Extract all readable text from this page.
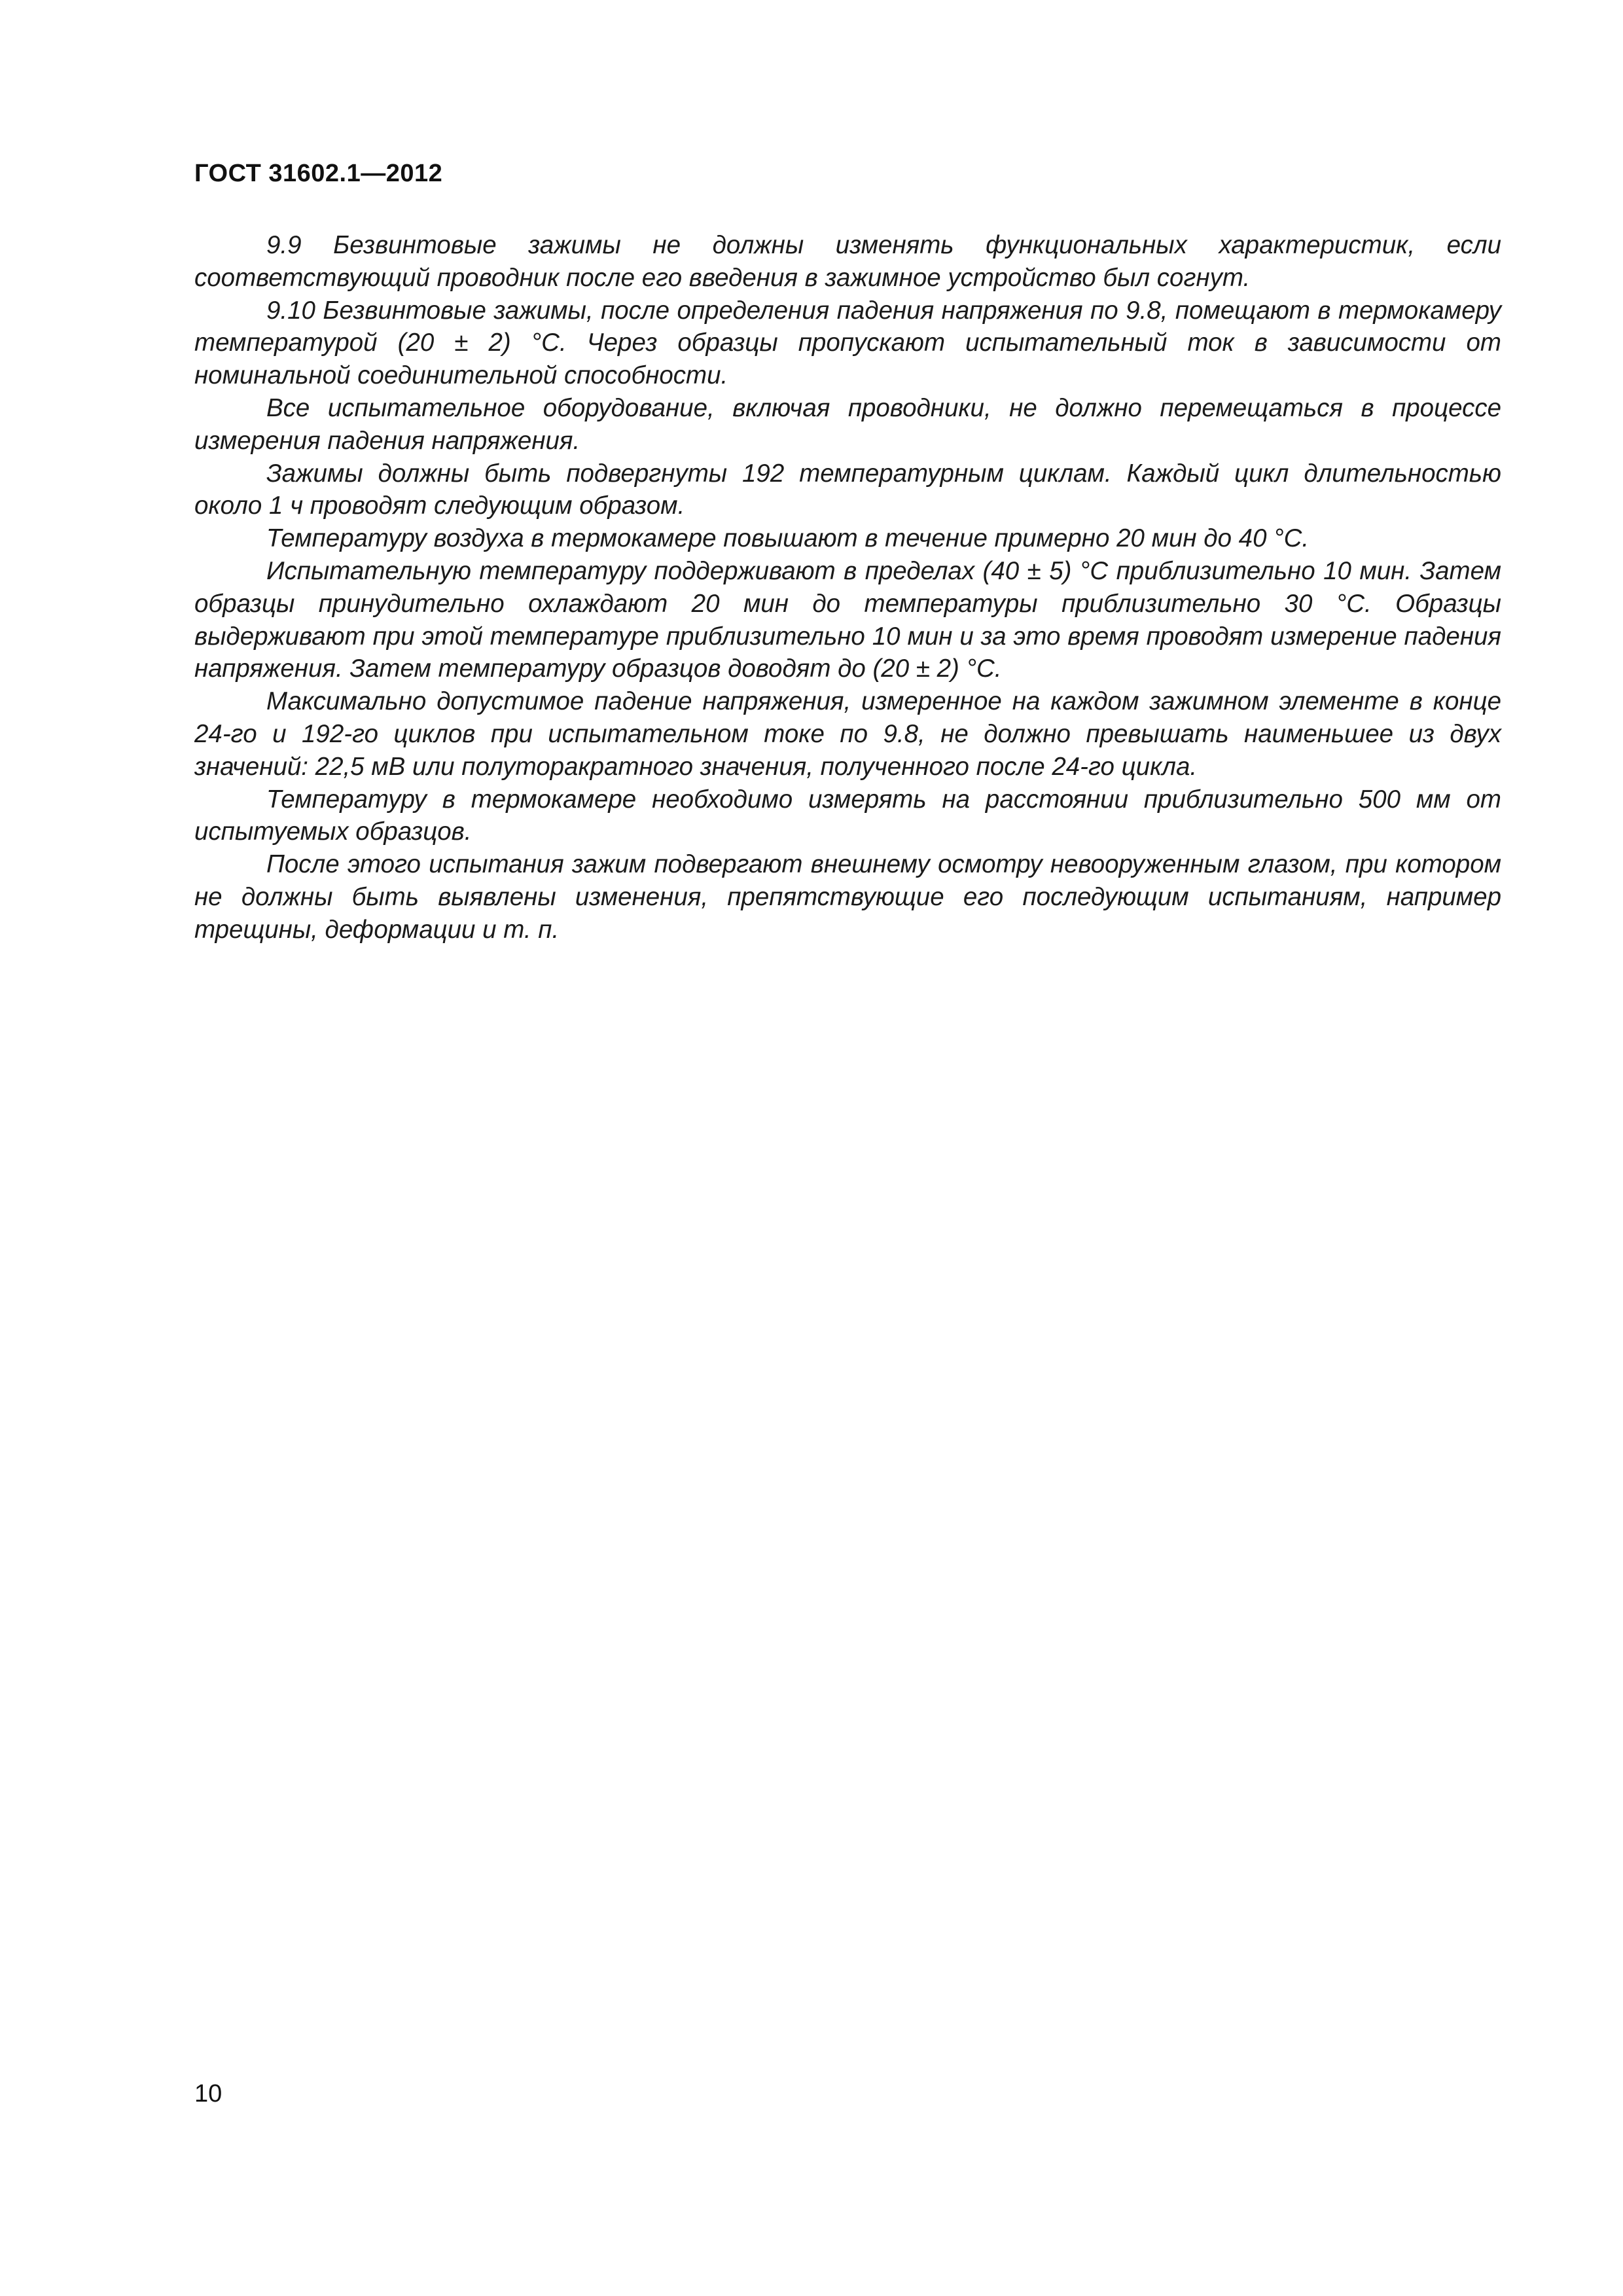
ГОСТ 31602.1—2012

9.9 Безвинтовые зажимы не должны изменять функциональных характеристик, если соответствующий проводник после его введения в зажимное устройство был согнут.

9.10 Безвинтовые зажимы, после определения падения напряжения по 9.8, помещают в термокамеру температурой (20 ± 2) °С. Через образцы пропускают испытательный ток в зависимости от номинальной соединительной способности.

Все испытательное оборудование, включая проводники, не должно перемещаться в процессе измерения падения напряжения.

Зажимы должны быть подвергнуты 192 температурным циклам. Каждый цикл длительностью около 1 ч проводят следующим образом.

Температуру воздуха в термокамере повышают в течение примерно 20 мин до 40 °С.

Испытательную температуру поддерживают в пределах (40 ± 5) °С приблизительно 10 мин. Затем образцы принудительно охлаждают 20 мин до температуры приблизительно 30 °С. Образцы выдерживают при этой температуре приблизительно 10 мин и за это время проводят измерение падения напряжения. Затем температуру образцов доводят до (20 ± 2) °С.

Максимально допустимое падение напряжения, измеренное на каждом зажимном элементе в конце 24-го и 192-го циклов при испытательном токе по 9.8, не должно превышать наименьшее из двух значений: 22,5 мВ или полуторакратного значения, полученного после 24-го цикла.

Температуру в термокамере необходимо измерять на расстоянии приблизительно 500 мм от испытуемых образцов.

После этого испытания зажим подвергают внешнему осмотру невооруженным глазом, при котором не должны быть выявлены изменения, препятствующие его последующим испытаниям, например трещины, деформации и т. п.

10
